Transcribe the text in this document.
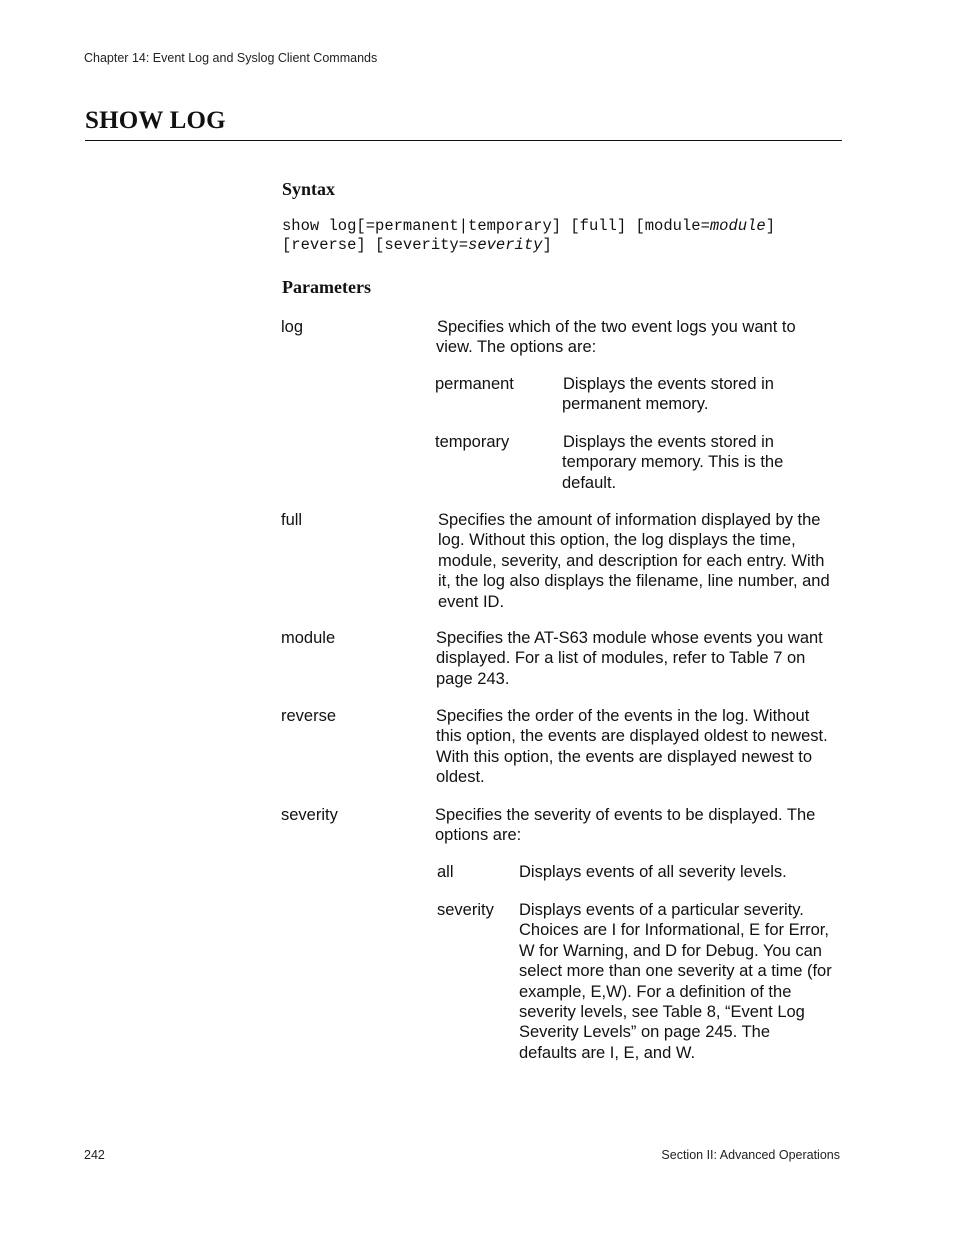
Chapter 14: Event Log and Syslog Client Commands
SHOW LOG
Syntax
show log[=permanent|temporary] [full] [module=module]
[reverse] [severity=severity]
Parameters
log	Specifies which of the two event logs you want to
view. The options are:
permanent	Displays the events stored in
permanent memory.
temporary	Displays the events stored in
temporary memory. This is the
default.
full	Specifies the amount of information displayed by the
log. Without this option, the log displays the time,
module, severity, and description for each entry. With
it, the log also displays the filename, line number, and
event ID.
module	Specifies the AT-S63 module whose events you want
displayed. For a list of modules, refer to Table 7 on
page 243.
reverse	Specifies the order of the events in the log. Without
this option, the events are displayed oldest to newest.
With this option, the events are displayed newest to
oldest.
severity	Specifies the severity of events to be displayed. The
options are:
all	Displays events of all severity levels.
severity Displays events of a particular severity.
Choices are I for Informational, E for Error,
W for Warning, and D for Debug. You can
select more than one severity at a time (for
example, E,W). For a definition of the
severity levels, see Table 8, “Event Log
Severity Levels” on page 245. The
defaults are I, E, and W.
242	Section II: Advanced Operations
